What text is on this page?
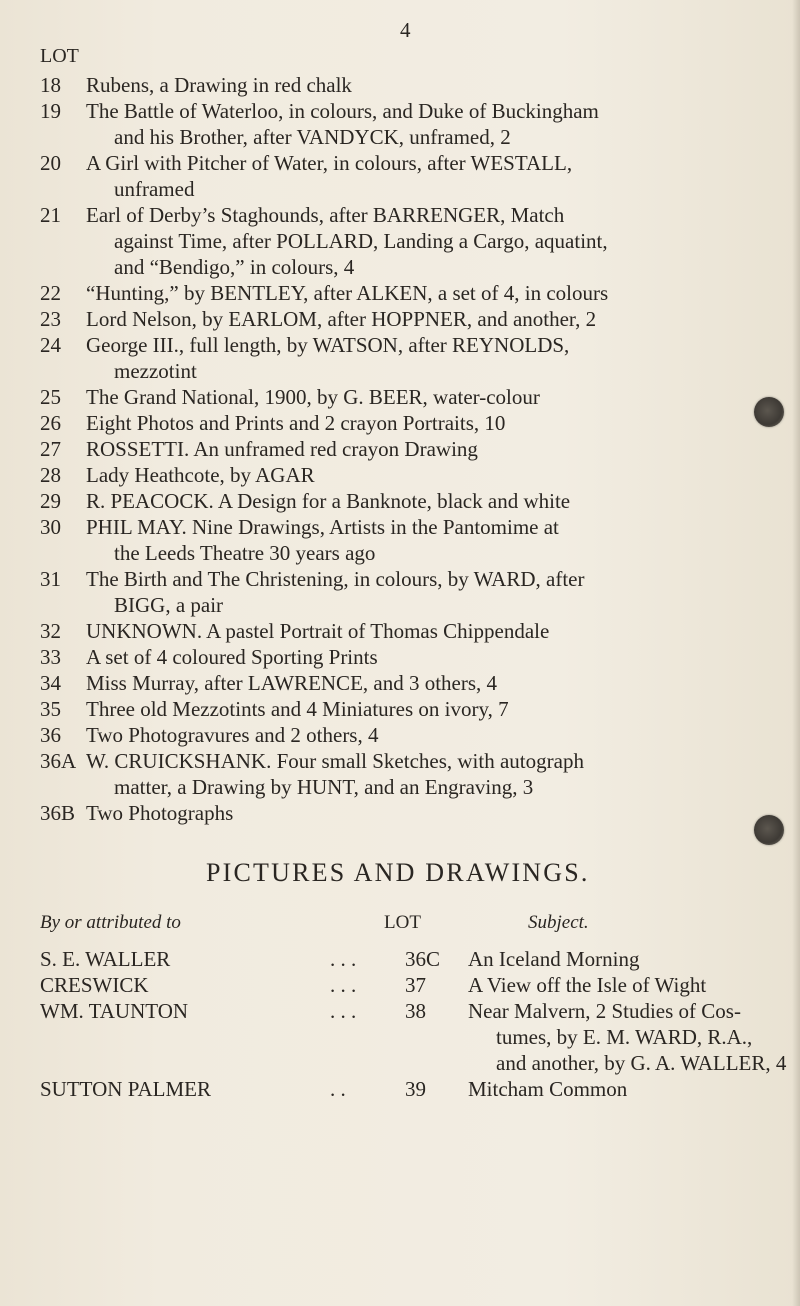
4

LOT

18 Rubens, a Drawing in red chalk
19 The Battle of Waterloo, in colours, and Duke of Buckingham
and his Brother, after VANDYCK, unframed, 2
20 A Girl with Pitcher of Water, in colours, after WESTALL,
unframed
21 Earl of Derby’s Staghounds, after BARRENGER, Match
against Time, after POLLARD, Landing a Cargo, aquatint,
and “Bendigo,” in colours, 4
22 “Hunting,” by BENTLEY, after ALKEN, a set of 4, in colours
23 Lord Nelson, by EARLOM, after HOPPNER, and another, 2
24 George III., full length, by WATSON, after REYNOLDS,
mezzotint
25 The Grand National, 1900, by G. BEER, water-colour
26 Eight Photos and Prints and 2 crayon Portraits, 10
27 ROSSETTI. An unframed red crayon Drawing
28 Lady Heathcote, by AGAR
29 R. PEACOCK. A Design for a Banknote, black and white
30 PHIL MAY. Nine Drawings, Artists in the Pantomime at
the Leeds Theatre 30 years ago
31 The Birth and The Christening, in colours, by WARD, after
BIGG, a pair
32 UNKNOWN. A pastel Portrait of Thomas Chippendale
33 A set of 4 coloured Sporting Prints
34 Miss Murray, after LAWRENCE, and 3 others, 4
35 Three old Mezzotints and 4 Miniatures on ivory, 7
36 Two Photogravures and 2 others, 4
36A W. CRUICKSHANK. Four small Sketches, with autograph
matter, a Drawing by HUNT, and an Engraving, 3
36B Two Photographs
PICTURES AND DRAWINGS.

By or attributed to	LOT	Subject.

S. E. WALLER	. . . 36C An Iceland Morning
CRESWICK	. . . 37 A View off the Isle of Wight
WM. TAUNTON	. . . 38 Near Malvern, 2 Studies of Cos-
tumes, by E. M. WARD, R.A.,
and another, by G. A. WALLER, 4
SUTTON PALMER	. .	39 Mitcham Common
